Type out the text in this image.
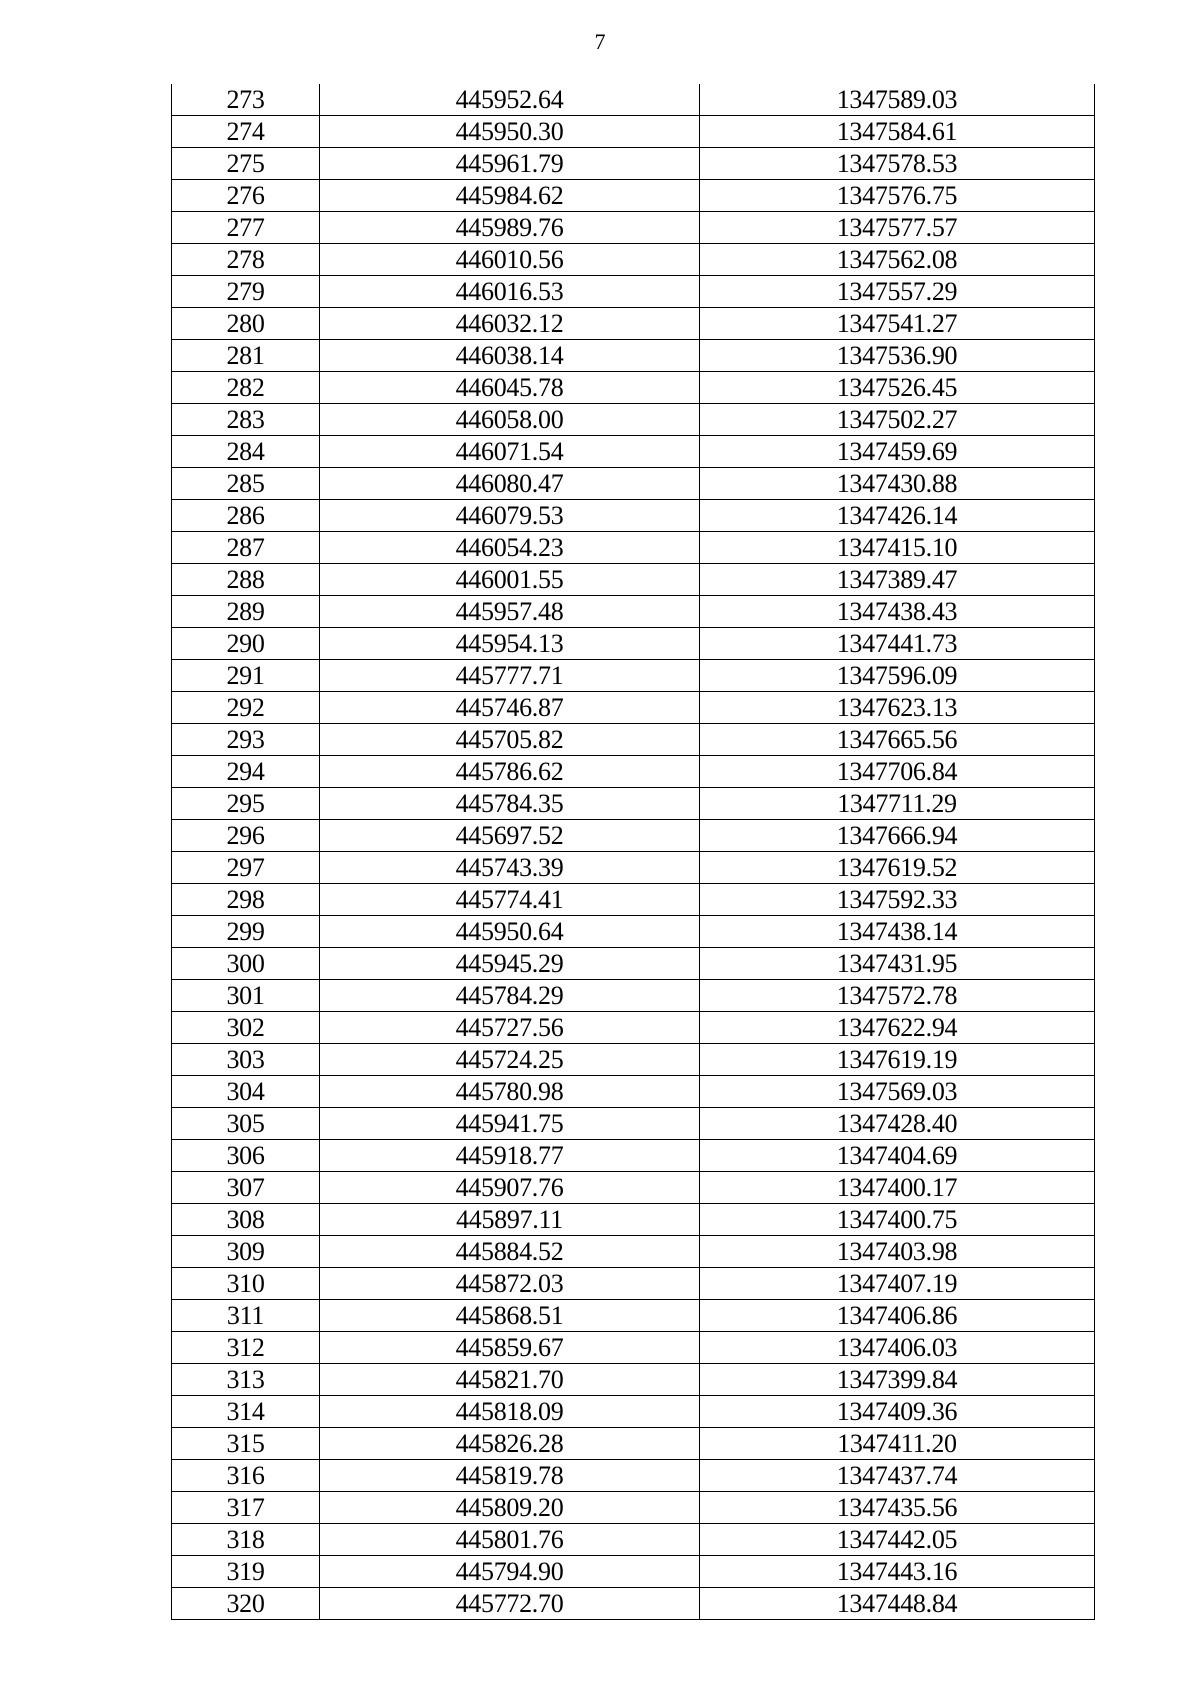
7
273	445952.64	1347589.03
274	445950.30	1347584.61
275	445961.79	1347578.53
276	445984.62	1347576.75
277	445989.76	1347577.57
278	446010.56	1347562.08
279	446016.53	1347557.29
280	446032.12	1347541.27
281	446038.14	1347536.90
282	446045.78	1347526.45
283	446058.00	1347502.27
284	446071.54	1347459.69
285	446080.47	1347430.88
286	446079.53	1347426.14
287	446054.23	1347415.10
288	446001.55	1347389.47
289	445957.48	1347438.43
290	445954.13	1347441.73
291	445777.71	1347596.09
292	445746.87	1347623.13
293	445705.82	1347665.56
294	445786.62	1347706.84
295	445784.35	1347711.29
296	445697.52	1347666.94
297	445743.39	1347619.52
298	445774.41	1347592.33
299	445950.64	1347438.14
300	445945.29	1347431.95
301	445784.29	1347572.78
302	445727.56	1347622.94
303	445724.25	1347619.19
304	445780.98	1347569.03
305	445941.75	1347428.40
306	445918.77	1347404.69
307	445907.76	1347400.17
308	445897.11	1347400.75
309	445884.52	1347403.98
310	445872.03	1347407.19
311	445868.51	1347406.86
312	445859.67	1347406.03
313	445821.70	1347399.84
314	445818.09	1347409.36
315	445826.28	1347411.20
316	445819.78	1347437.74
317	445809.20	1347435.56
318	445801.76	1347442.05
319	445794.90	1347443.16
320	445772.70	1347448.84
